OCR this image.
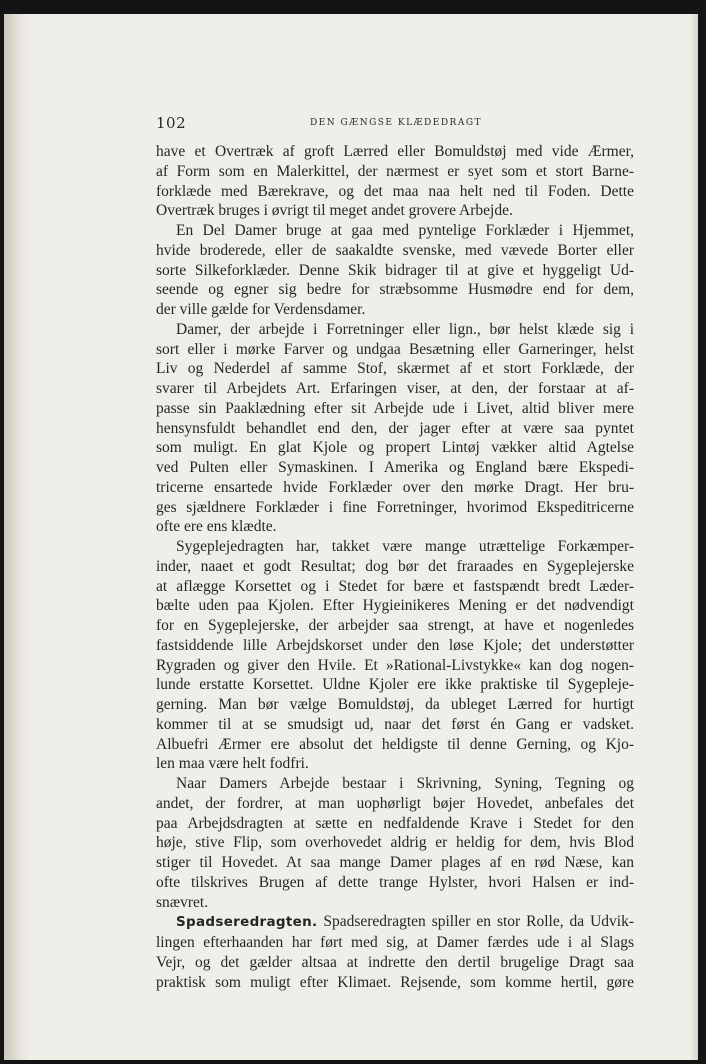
102	DEN GÆNGSE KLÆDEDRAGT
have et Overtræk af groft Lærred eller Bomuldstøj med vide Ærmer,
af Form som en Malerkittel, der nærmest er syet som et stort Barne-
forklæde med Bærekrave, og det maa naa helt ned til Foden. Dette
Overtræk bruges i øvrigt til meget andet grovere Arbejde.
En Del Damer bruge at gaa med pyntelige Forklæder i Hjemmet,
hvide broderede, eller de saakaldte svenske, med vævede Borter eller
sorte Silkeforklæder. Denne Skik bidrager til at give et hyggeligt Ud-
seende og egner sig bedre for stræbsomme Husmødre end for dem,
der ville gælde for Verdensdamer.
Damer, der arbejde i Forretninger eller lign., bør helst klæde sig i
sort eller i mørke Farver og undgaa Besætning eller Garneringer, helst
Liv og Nederdel af samme Stof, skærmet af et stort Forklæde, der
svarer til Arbejdets Art. Erfaringen viser, at den, der forstaar at af-
passe sin Paaklædning efter sit Arbejde ude i Livet, altid bliver mere
hensynsfuldt behandlet end den, der jager efter at være saa pyntet
som muligt. En glat Kjole og propert Lintøj vækker altid Agtelse
ved Pulten eller Symaskinen. I Amerika og England bære Ekspedi-
tricerne ensartede hvide Forklæder over den mørke Dragt. Her bru-
ges sjældnere Forklæder i fine Forretninger, hvorimod Ekspeditricerne
ofte ere ens klædte.
Sygeplejedragten har, takket være mange utrættelige Forkæmper-
inder, naaet et godt Resultat; dog bør det fraraades en Sygeplejerske
at aflægge Korsettet og i Stedet for bære et fastspændt bredt Læder-
bælte uden paa Kjolen. Efter Hygieinikeres Mening er det nødvendigt
for en Sygeplejerske, der arbejder saa strengt, at have et nogenledes
fastsiddende lille Arbejdskorset under den løse Kjole; det understøtter
Rygraden og giver den Hvile. Et »Rational-Livstykke« kan dog nogen-
lunde erstatte Korsettet. Uldne Kjoler ere ikke praktiske til Sygepleje-
gerning. Man bør vælge Bomuldstøj, da ubleget Lærred for hurtigt
kommer til at se smudsigt ud, naar det først én Gang er vadsket.
Albuefri Ærmer ere absolut det heldigste til denne Gerning, og Kjo-
len maa være helt fodfri.
Naar Damers Arbejde bestaar i Skrivning, Syning, Tegning og
andet, der fordrer, at man uophørligt bøjer Hovedet, anbefales det
paa Arbejdsdragten at sætte en nedfaldende Krave i Stedet for den
høje, stive Flip, som overhovedet aldrig er heldig for dem, hvis Blod
stiger til Hovedet. At saa mange Damer plages af en rød Næse, kan
ofte tilskrives Brugen af dette trange Hylster, hvori Halsen er ind-
snævret.
Spadseredragten. Spadseredragten spiller en stor Rolle, da Udvik-
lingen efterhaanden har ført med sig, at Damer færdes ude i al Slags
Vejr, og det gælder altsaa at indrette den dertil brugelige Dragt saa
praktisk som muligt efter Klimaet. Rejsende, som komme hertil, gøre
